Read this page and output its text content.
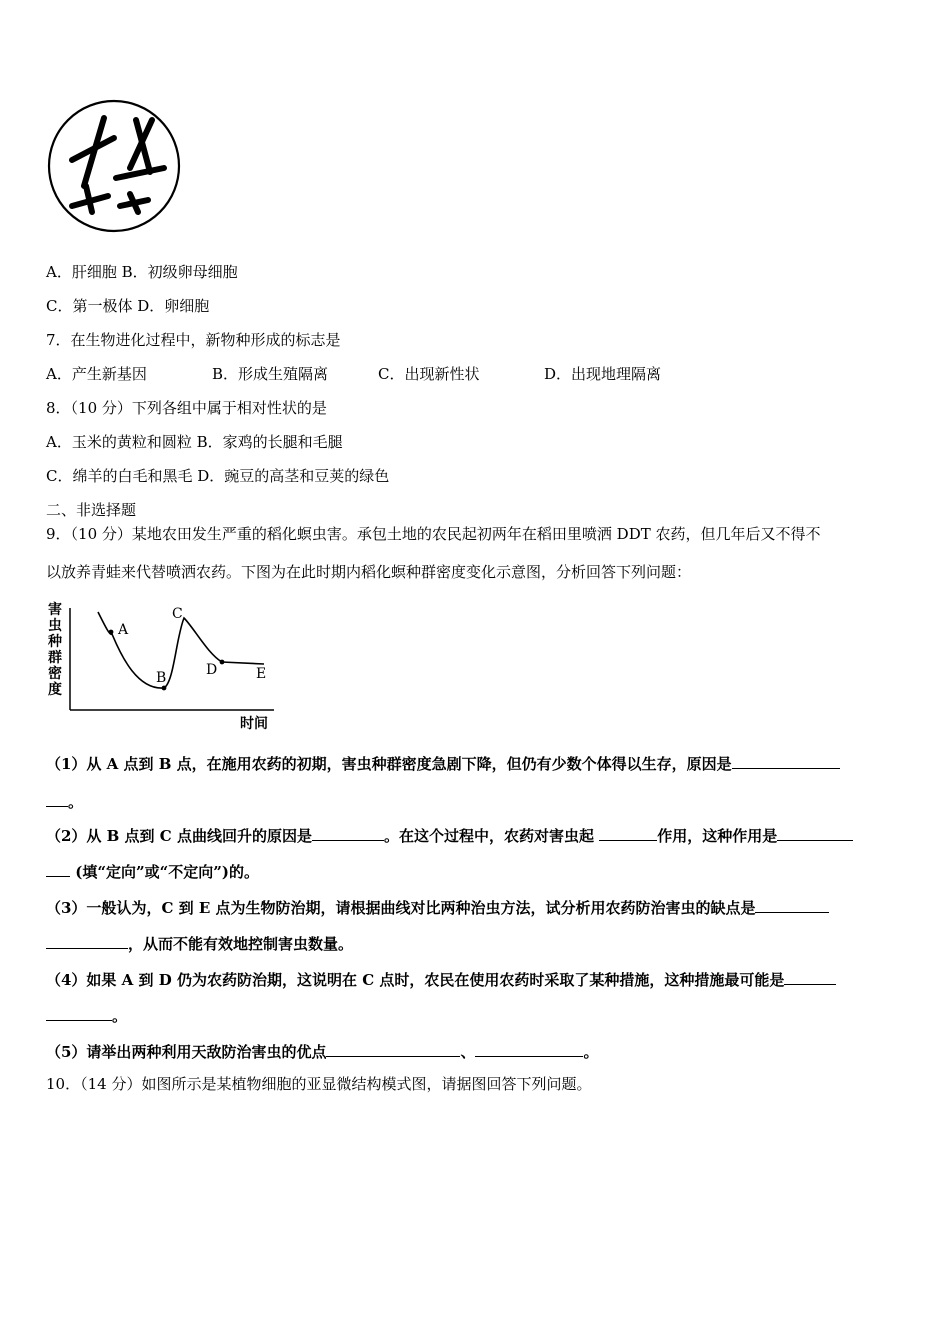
A．肝细胞 B．初级卵母细胞
C．第一极体 D．卵细胞
7．在生物进化过程中，新物种形成的标志是
A．产生新基因	B．形成生殖隔离	C．出现新性状	D．出现地理隔离
8．（10 分）下列各组中属于相对性状的是
A．玉米的黄粒和圆粒 B．家鸡的长腿和毛腿
C．绵羊的白毛和黑毛 D．豌豆的高茎和豆荚的绿色
二、非选择题
9．（10 分）某地农田发生严重的稻化螟虫害。承包土地的农民起初两年在稻田里喷洒 DDT 农药，但几年后又不得不
以放养青蛙来代替喷洒农药。下图为在此时期内稻化螟种群密度变化示意图，分析回答下列问题：
害
虫
种
群
密
度
时间
A
B
C
D	E
（1）从 A 点到 B 点，在施用农药的初期，害虫种群密度急剧下降，但仍有少数个体得以生存，原因是
。
（2）从 B 点到 C 点曲线回升的原因是	。在这个过程中，农药对害虫起	作用，这种作用是
(填“定向”或“不定向”)的。
（3）一般认为，C 到 E 点为生物防治期，请根据曲线对比两种治虫方法，试分析用农药防治害虫的缺点是
，从而不能有效地控制害虫数量。
（4）如果 A 到 D 仍为农药防治期，这说明在 C 点时，农民在使用农药时采取了某种措施，这种措施最可能是
。
（5）请举出两种利用天敌防治害虫的优点	、	。
10．（14 分）如图所示是某植物细胞的亚显微结构模式图，请据图回答下列问题。
